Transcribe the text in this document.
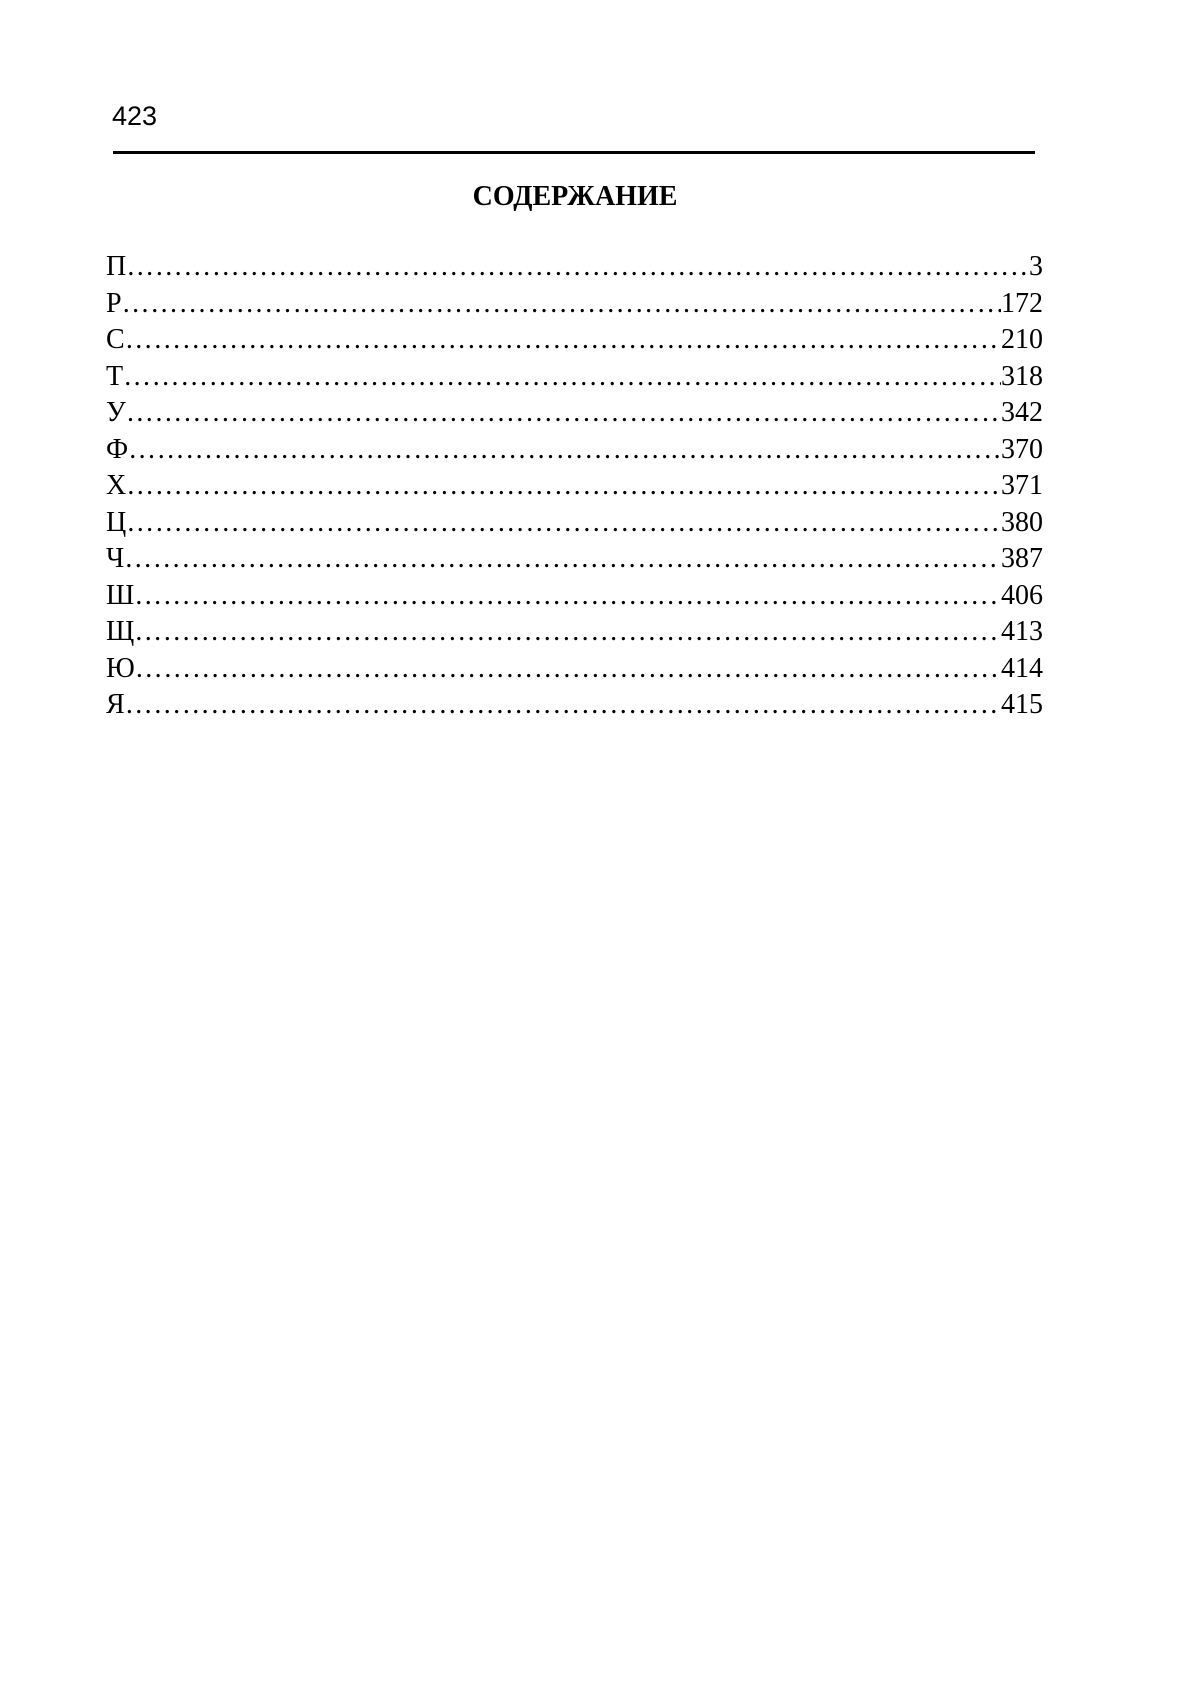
423
СОДЕРЖАНИЕ
П ………………………………………………………………………………………………………………………………………………………………………………………………………………	3
Р ………………………………………………………………………………………………………………………………………………………………………………………………………………	172
С ………………………………………………………………………………………………………………………………………………………………………………………………………………	210
Т ………………………………………………………………………………………………………………………………………………………………………………………………………………	318
У ………………………………………………………………………………………………………………………………………………………………………………………………………………	342
Ф ………………………………………………………………………………………………………………………………………………………………………………………………………………	370
Х ………………………………………………………………………………………………………………………………………………………………………………………………………………	371
Ц ………………………………………………………………………………………………………………………………………………………………………………………………………………	380
Ч ………………………………………………………………………………………………………………………………………………………………………………………………………………	387
Ш ………………………………………………………………………………………………………………………………………………………………………………………………………………	406
Щ ………………………………………………………………………………………………………………………………………………………………………………………………………………	413
Ю ………………………………………………………………………………………………………………………………………………………………………………………………………………	414
Я ………………………………………………………………………………………………………………………………………………………………………………………………………………	415
